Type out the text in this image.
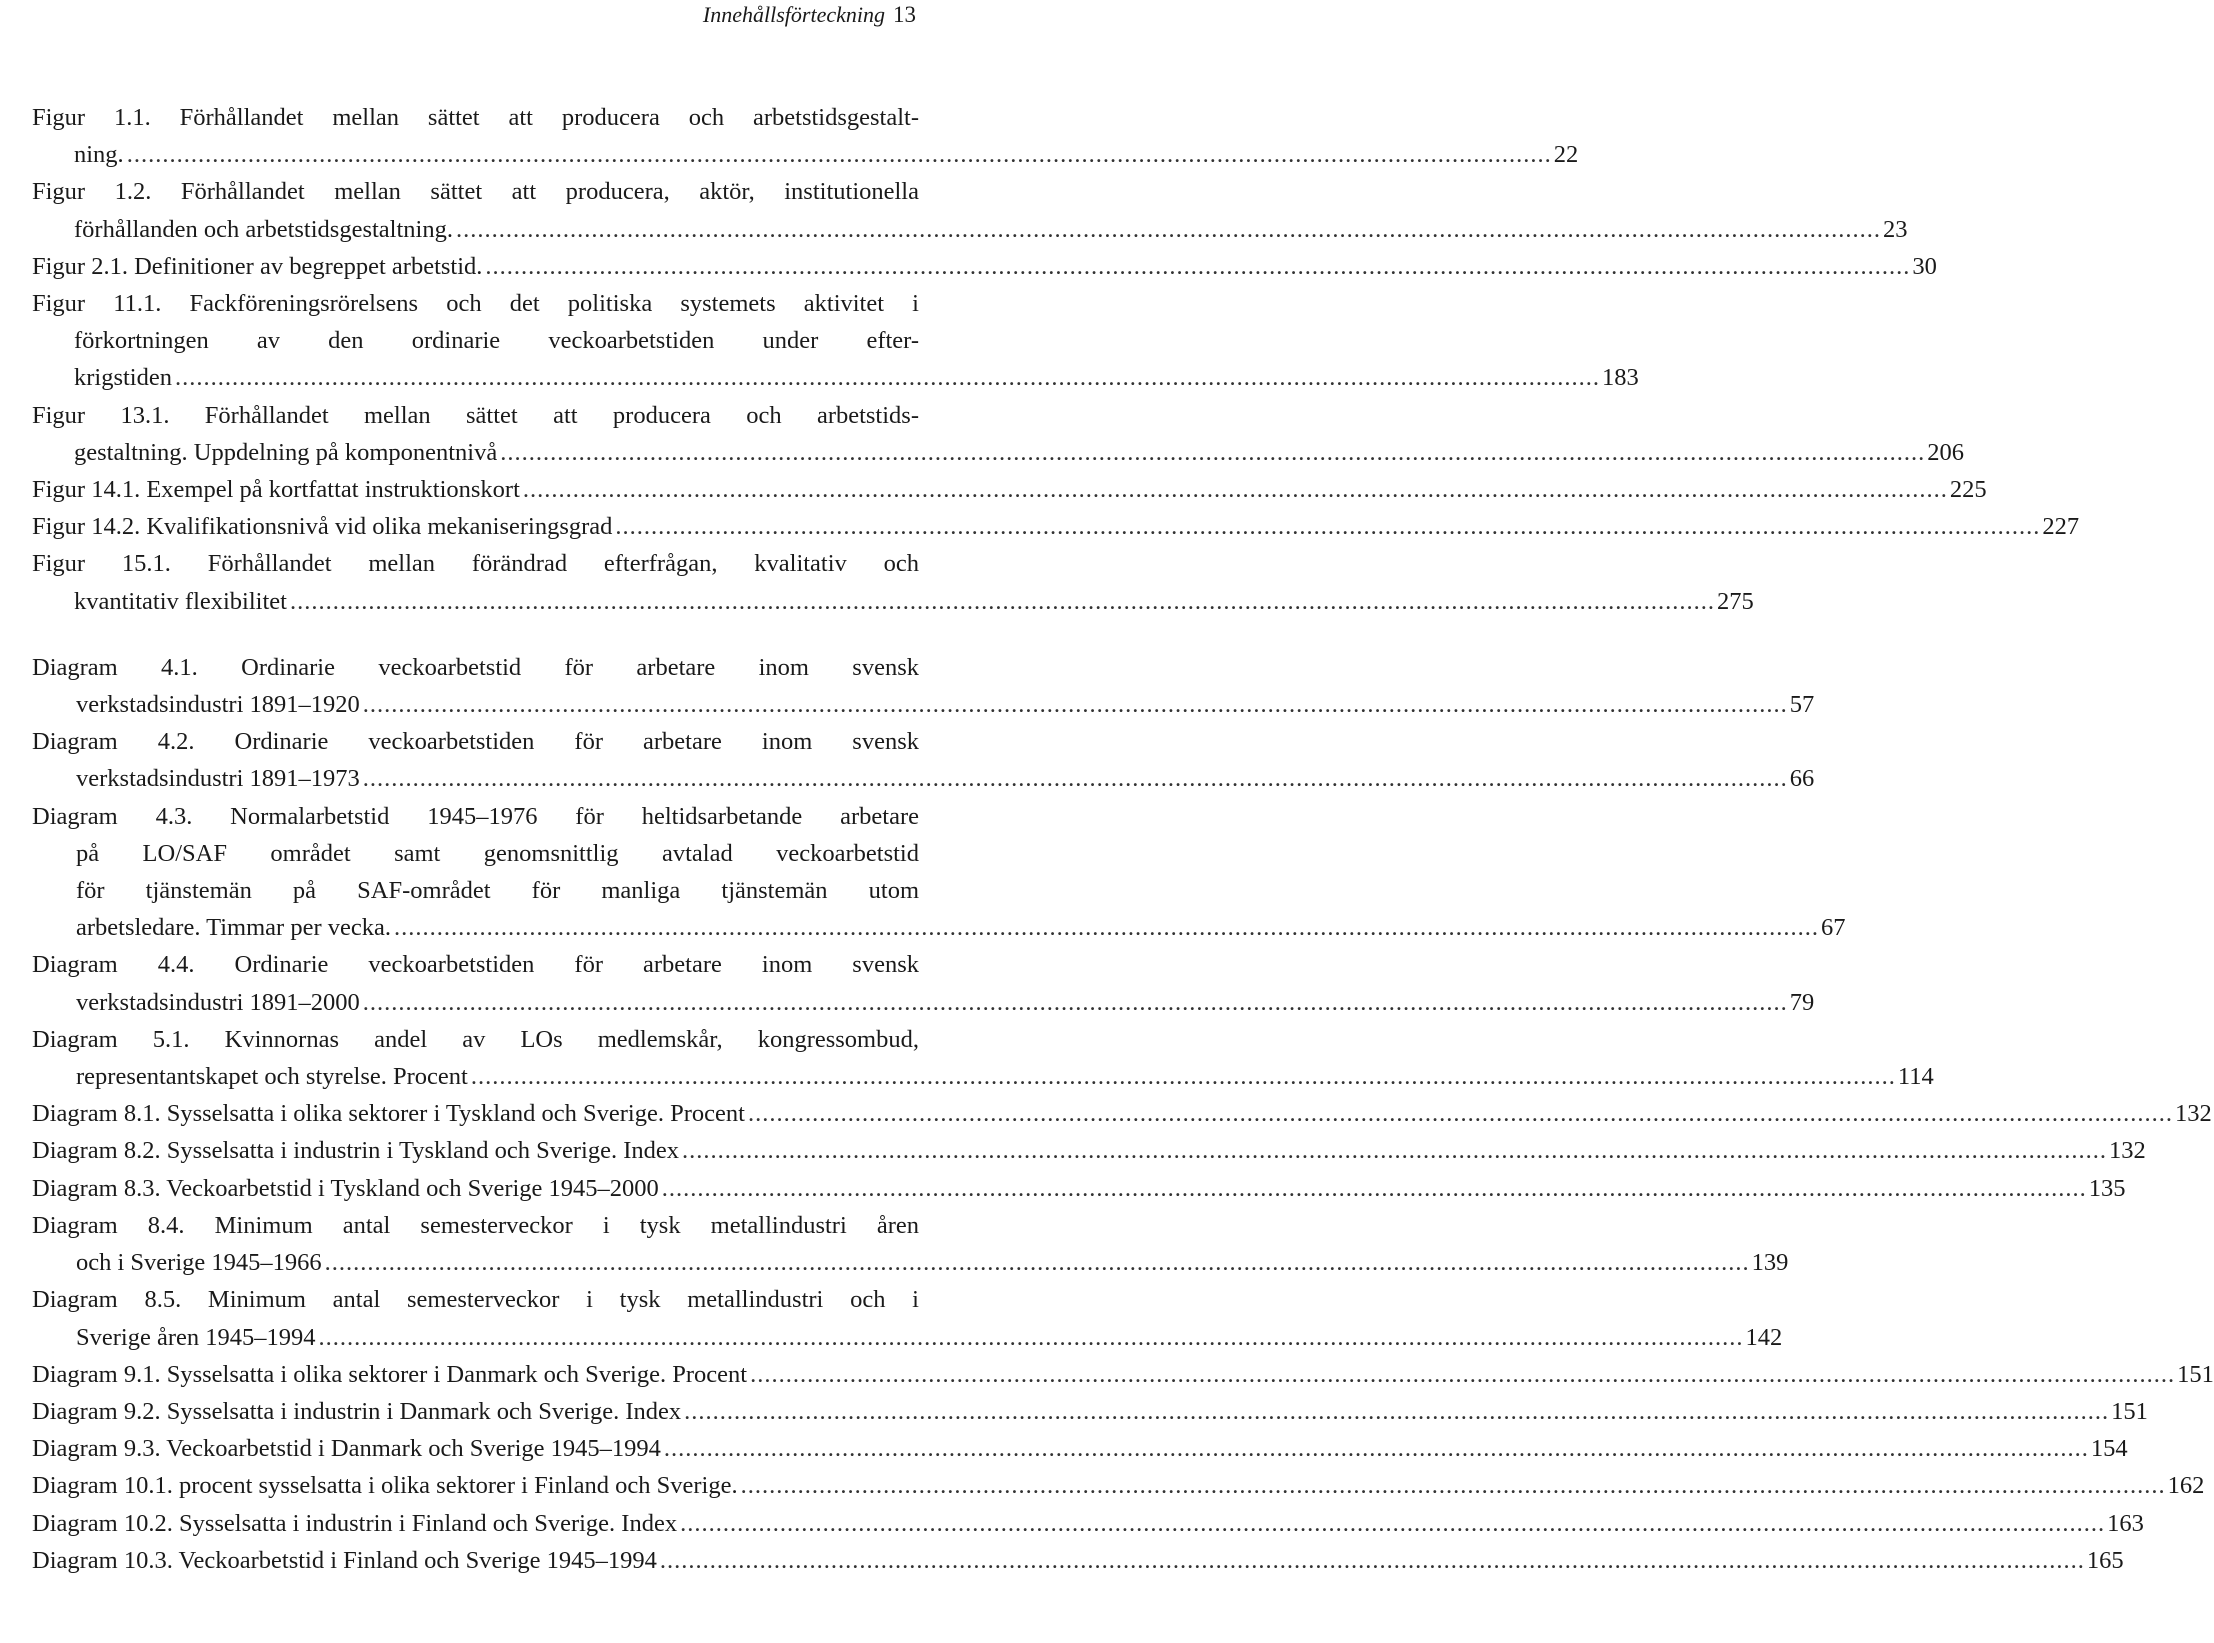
Innehållsförteckning 13
Figur 1.1. Förhållandet mellan sättet att producera och arbetstidsgestalt-
ning. ........................................................................................................................................................................................................ 22
Figur 1.2. Förhållandet mellan sättet att producera, aktör, institutionella
förhållanden och arbetstidsgestaltning. ........................................................................................................................................................................................................ 23
Figur 2.1. Definitioner av begreppet arbetstid. ........................................................................................................................................................................................................ 30
Figur 11.1. Fackföreningsrörelsens och det politiska systemets aktivitet i
förkortningen av den ordinarie veckoarbetstiden under efter-
krigstiden ........................................................................................................................................................................................................ 183
Figur 13.1. Förhållandet mellan sättet att producera och arbetstids-
gestaltning. Uppdelning på komponentnivå ........................................................................................................................................................................................................ 206
Figur 14.1. Exempel på kortfattat instruktionskort ........................................................................................................................................................................................................ 225
Figur 14.2. Kvalifikationsnivå vid olika mekaniseringsgrad ........................................................................................................................................................................................................ 227
Figur 15.1. Förhållandet mellan förändrad efterfrågan, kvalitativ och
kvantitativ flexibilitet ........................................................................................................................................................................................................ 275
Diagram 4.1. Ordinarie veckoarbetstid för arbetare inom svensk
verkstadsindustri 1891–1920 ........................................................................................................................................................................................................ 57
Diagram 4.2. Ordinarie veckoarbetstiden för arbetare inom svensk
verkstadsindustri 1891–1973 ........................................................................................................................................................................................................ 66
Diagram 4.3. Normalarbetstid 1945–1976 för heltidsarbetande arbetare
på LO/SAF området samt genomsnittlig avtalad veckoarbetstid
för tjänstemän på SAF-området för manliga tjänstemän utom
arbetsledare. Timmar per vecka. ........................................................................................................................................................................................................ 67
Diagram 4.4. Ordinarie veckoarbetstiden för arbetare inom svensk
verkstadsindustri 1891–2000 ........................................................................................................................................................................................................ 79
Diagram 5.1. Kvinnornas andel av LOs medlemskår, kongressombud,
representantskapet och styrelse. Procent ........................................................................................................................................................................................................ 114
Diagram 8.1. Sysselsatta i olika sektorer i Tyskland och Sverige. Procent ........................................................................................................................................................................................................ 132
Diagram 8.2. Sysselsatta i industrin i Tyskland och Sverige. Index ........................................................................................................................................................................................................ 132
Diagram 8.3. Veckoarbetstid i Tyskland och Sverige 1945–2000 ........................................................................................................................................................................................................ 135
Diagram 8.4. Minimum antal semesterveckor i tysk metallindustri åren
och i Sverige 1945–1966 ........................................................................................................................................................................................................ 139
Diagram 8.5. Minimum antal semesterveckor i tysk metallindustri och i
Sverige åren 1945–1994 ........................................................................................................................................................................................................ 142
Diagram 9.1. Sysselsatta i olika sektorer i Danmark och Sverige. Procent ........................................................................................................................................................................................................ 151
Diagram 9.2. Sysselsatta i industrin i Danmark och Sverige. Index ........................................................................................................................................................................................................ 151
Diagram 9.3. Veckoarbetstid i Danmark och Sverige 1945–1994 ........................................................................................................................................................................................................ 154
Diagram 10.1. procent sysselsatta i olika sektorer i Finland och Sverige. ........................................................................................................................................................................................................ 162
Diagram 10.2. Sysselsatta i industrin i Finland och Sverige. Index ........................................................................................................................................................................................................ 163
Diagram 10.3. Veckoarbetstid i Finland och Sverige 1945–1994 ........................................................................................................................................................................................................ 165
